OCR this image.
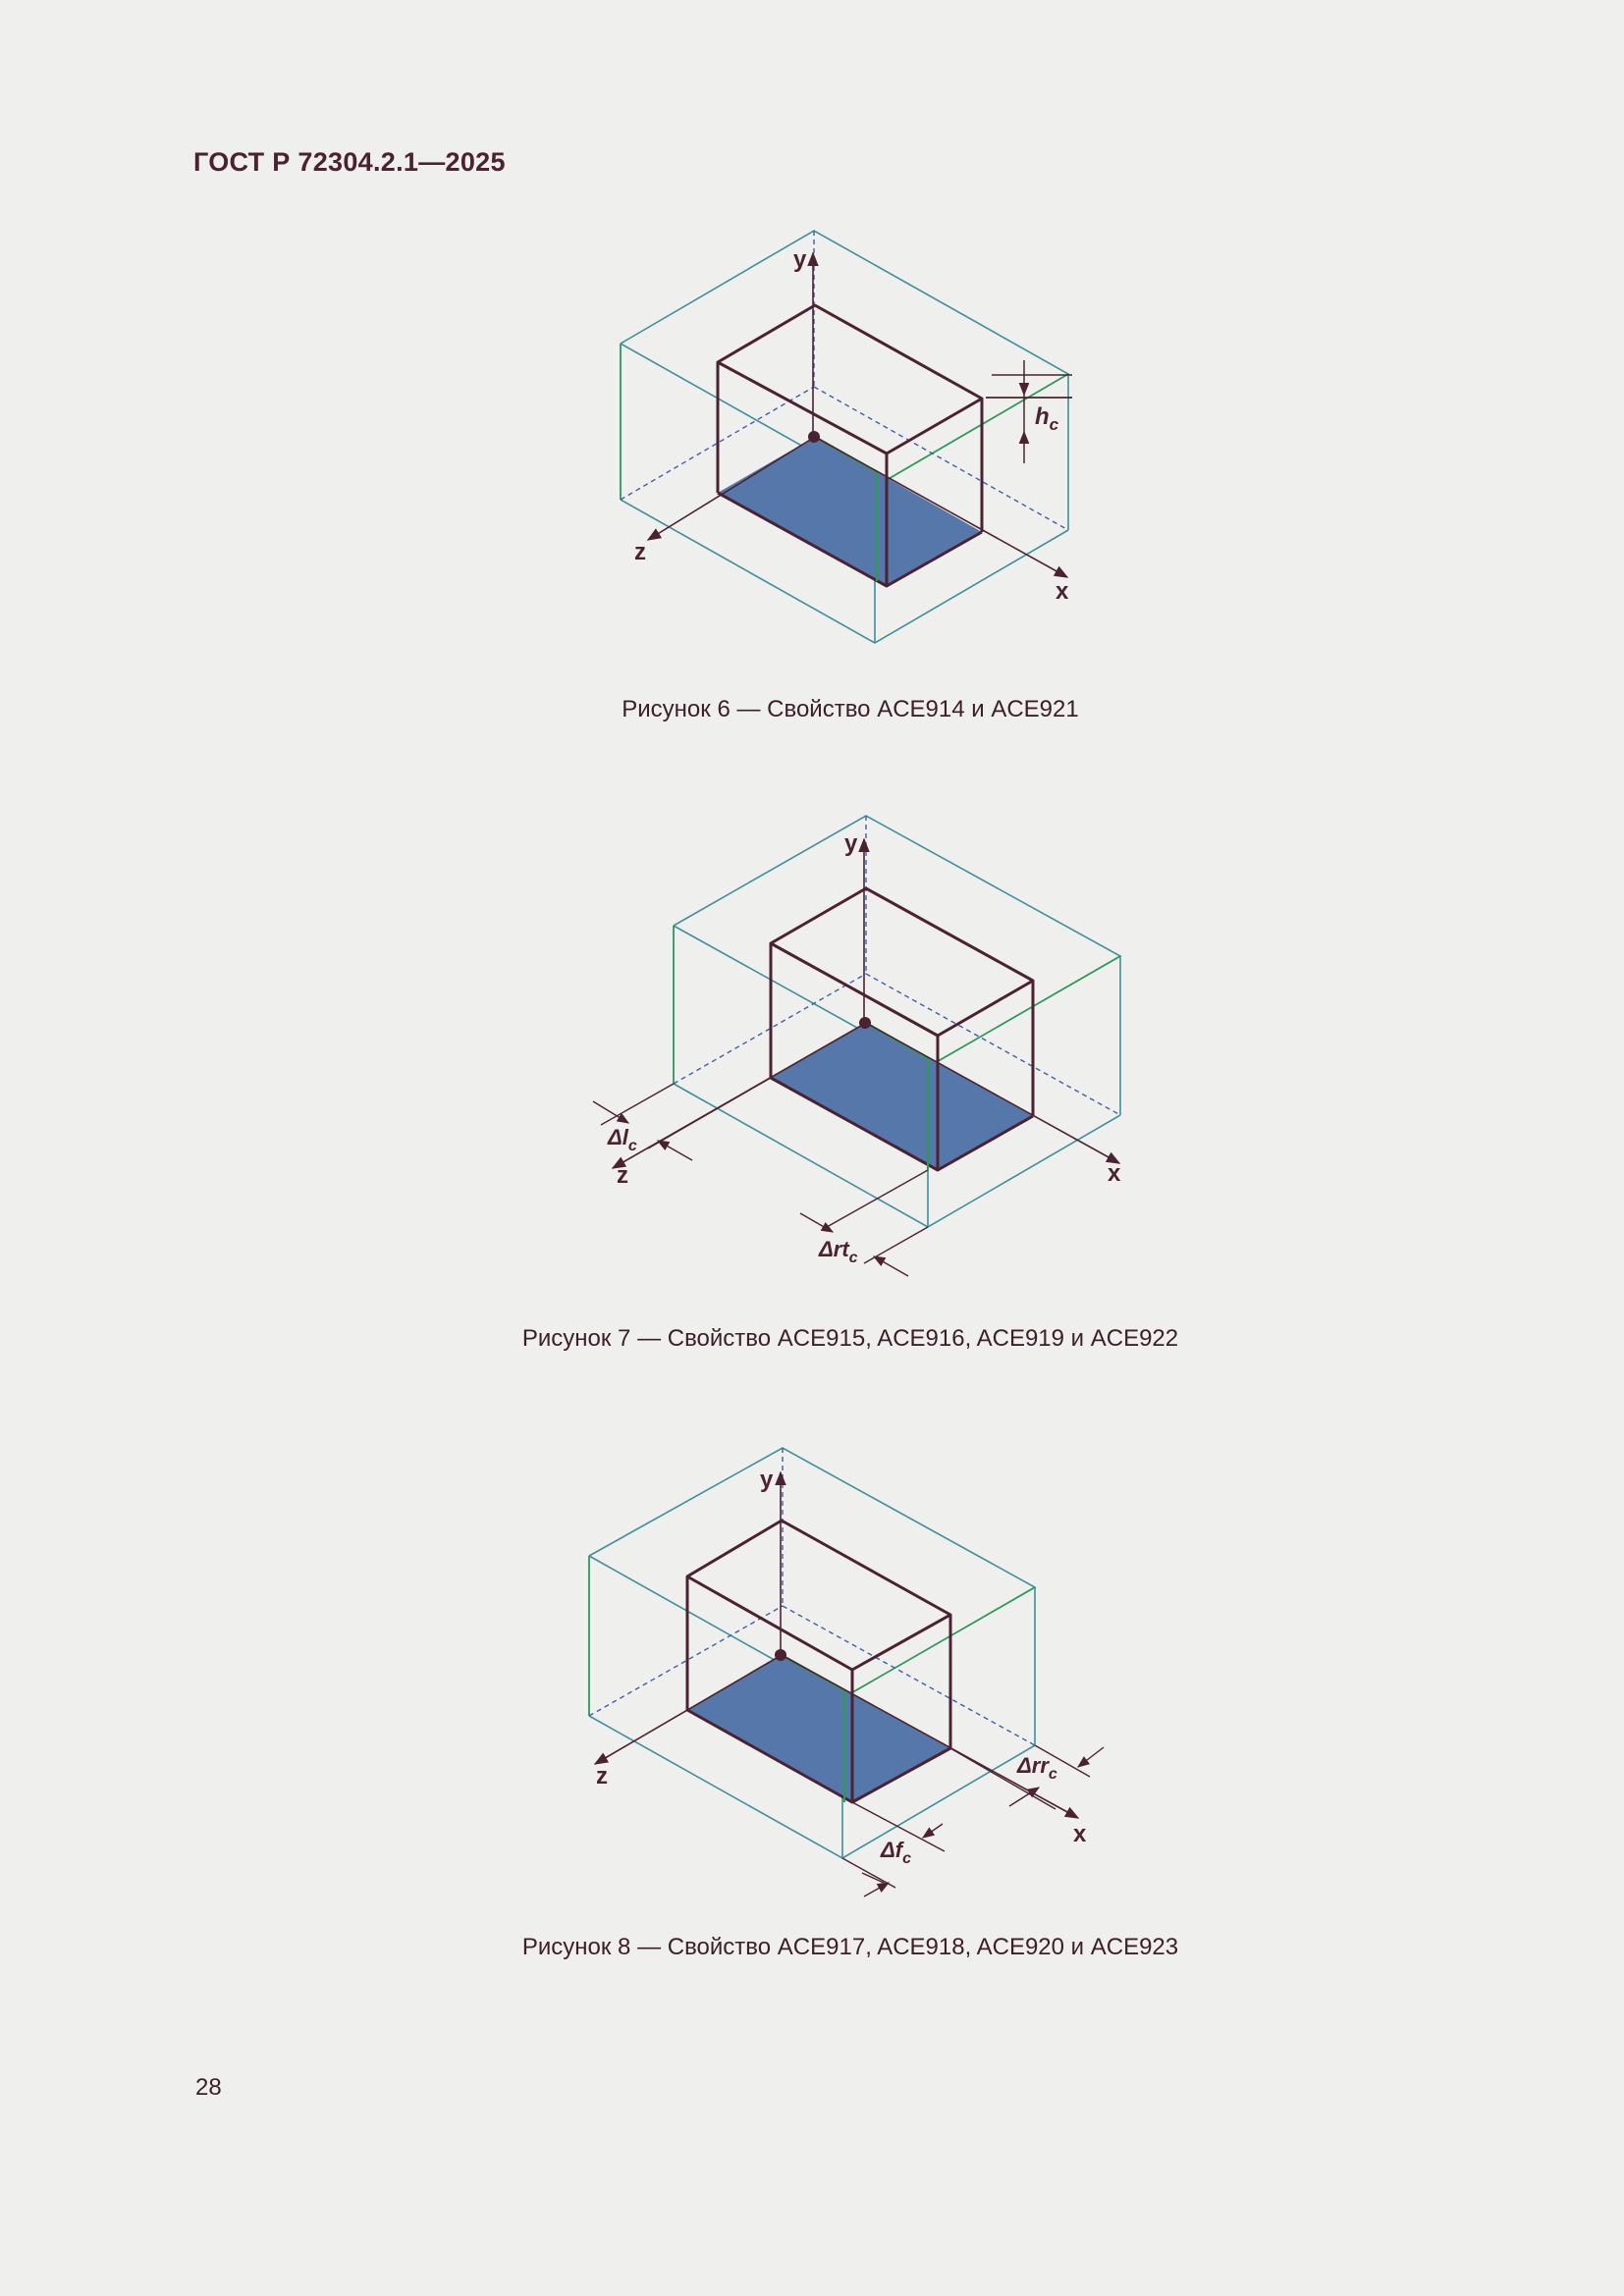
ГОСТ Р 72304.2.1—2025
y
x
z
$h_c$
Рисунок 6 — Свойство ACE914 и ACE921
y
x
z
$\Delta l_c$
Δrt$_c$
Рисунок 7 — Свойство ACE915, ACE916, ACE919 и ACE922
y
x
z	Δrr$_c$
$\Delta f_c$
Рисунок 8 — Свойство ACE917, ACE918, ACE920 и ACE923
28
